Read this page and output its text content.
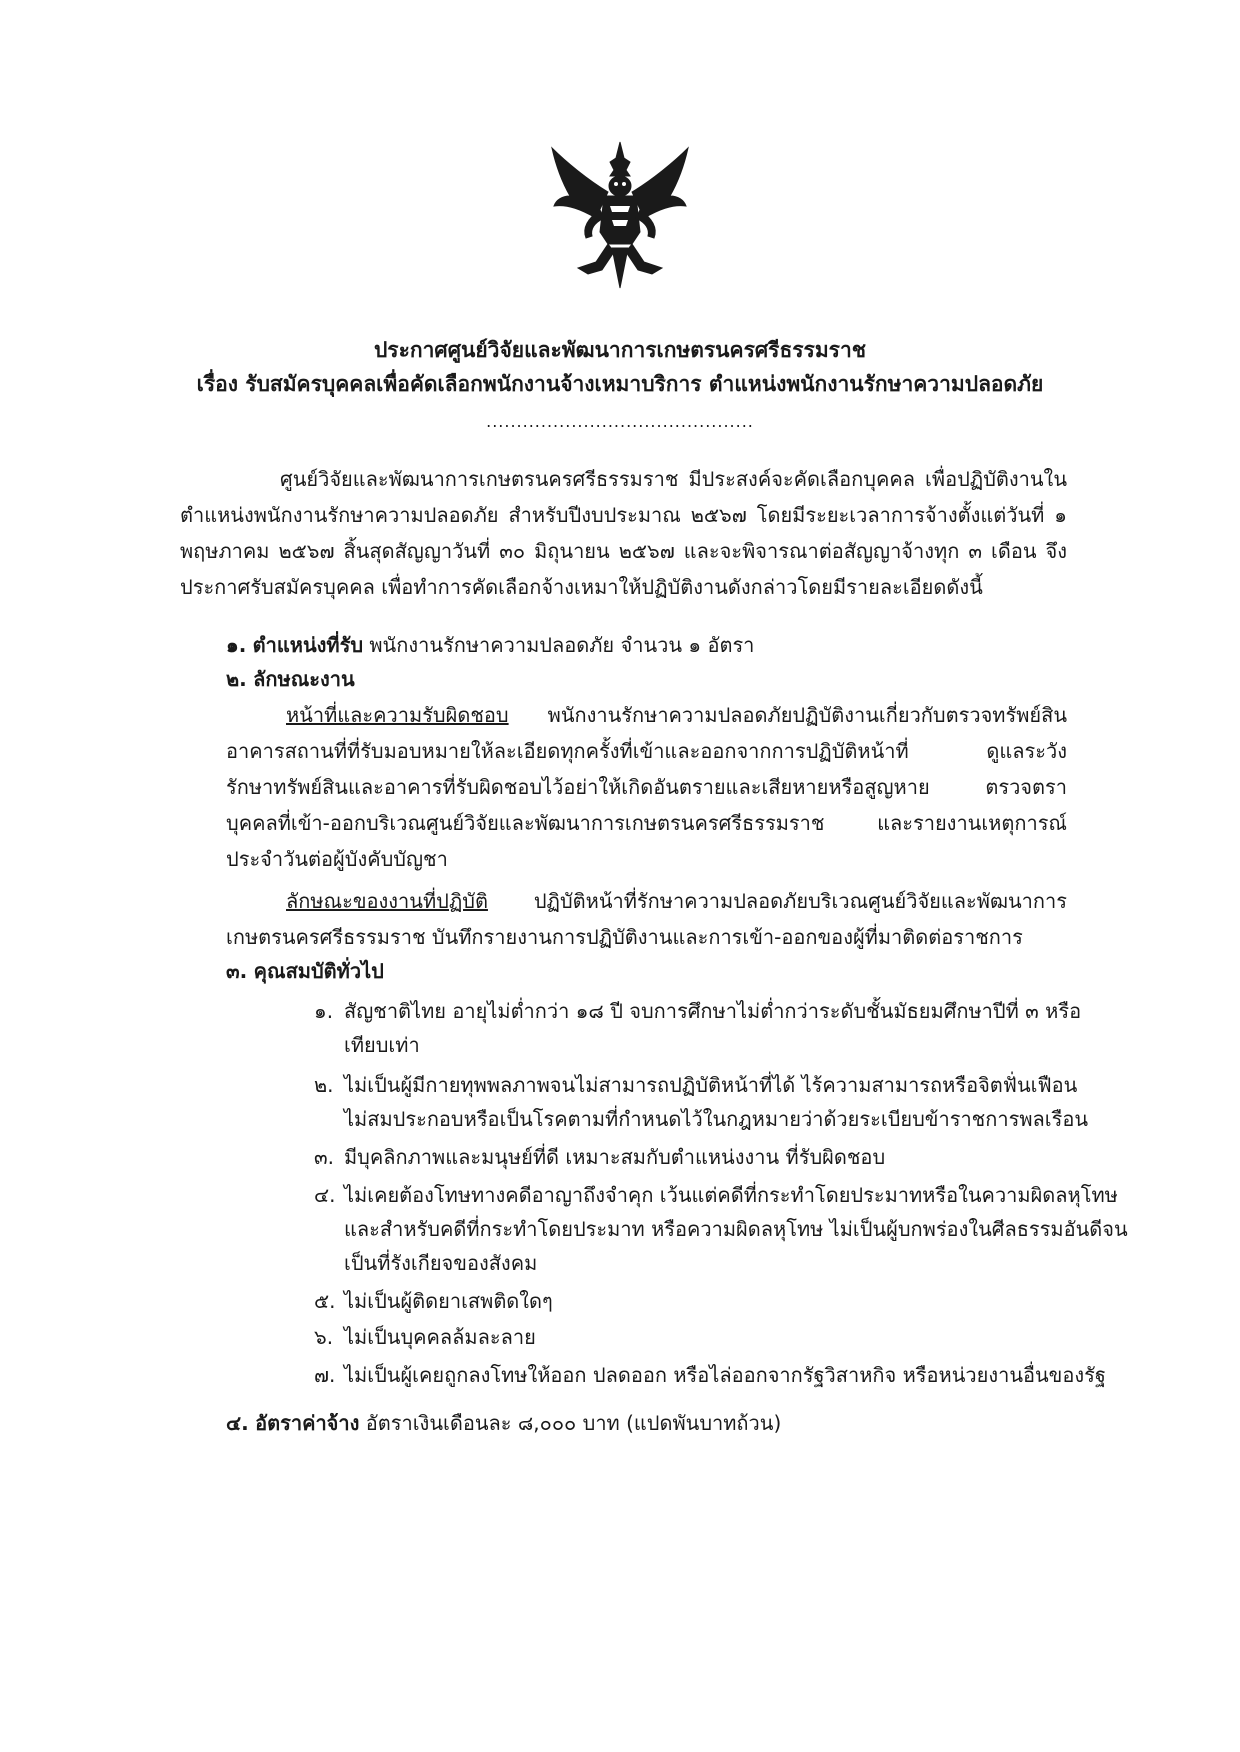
ประกาศศูนย์วิจัยและพัฒนาการเกษตรนครศรีธรรมราช
เรื่อง รับสมัครบุคคลเพื่อคัดเลือกพนักงานจ้างเหมาบริการ ตำแหน่งพนักงานรักษาความปลอดภัย
............................................
ศูนย์วิจัยและพัฒนาการเกษตรนครศรีธรรมราช มีประสงค์จะคัดเลือกบุคคล เพื่อปฏิบัติงานใน
ตำแหน่งพนักงานรักษาความปลอดภัย สำหรับปีงบประมาณ ๒๕๖๗ โดยมีระยะเวลาการจ้างตั้งแต่วันที่ ๑
พฤษภาคม ๒๕๖๗ สิ้นสุดสัญญาวันที่ ๓๐ มิถุนายน ๒๕๖๗ และจะพิจารณาต่อสัญญาจ้างทุก ๓ เดือน จึง
ประกาศรับสมัครบุคคล เพื่อทำการคัดเลือกจ้างเหมาให้ปฏิบัติงานดังกล่าวโดยมีรายละเอียดดังนี้
๑. ตำแหน่งที่รับ พนักงานรักษาความปลอดภัย จำนวน ๑ อัตรา
๒. ลักษณะงาน
หน้าที่และความรับผิดชอบ พนักงานรักษาความปลอดภัยปฏิบัติงานเกี่ยวกับตรวจทรัพย์สิน
อาคารสถานที่ที่รับมอบหมายให้ละเอียดทุกครั้งที่เข้าและออกจากการปฏิบัติหน้าที่ ดูแลระวัง
รักษาทรัพย์สินและอาคารที่รับผิดชอบไว้อย่าให้เกิดอันตรายและเสียหายหรือสูญหาย ตรวจตรา
บุคคลที่เข้า-ออกบริเวณศูนย์วิจัยและพัฒนาการเกษตรนครศรีธรรมราช และรายงานเหตุการณ์
ประจำวันต่อผู้บังคับบัญชา
ลักษณะของงานที่ปฏิบัติ ปฏิบัติหน้าที่รักษาความปลอดภัยบริเวณศูนย์วิจัยและพัฒนาการ
เกษตรนครศรีธรรมราช บันทึกรายงานการปฏิบัติงานและการเข้า-ออกของผู้ที่มาติดต่อราชการ
๓. คุณสมบัติทั่วไป
๑. สัญชาติไทย อายุไม่ต่ำกว่า ๑๘ ปี จบการศึกษาไม่ต่ำกว่าระดับชั้นมัธยมศึกษาปีที่ ๓ หรือ
เทียบเท่า
๒. ไม่เป็นผู้มีกายทุพพลภาพจนไม่สามารถปฏิบัติหน้าที่ได้ ไร้ความสามารถหรือจิตฟั่นเฟือน
ไม่สมประกอบหรือเป็นโรคตามที่กำหนดไว้ในกฎหมายว่าด้วยระเบียบข้าราชการพลเรือน
๓. มีบุคลิกภาพและมนุษย์ที่ดี เหมาะสมกับตำแหน่งงาน ที่รับผิดชอบ
๔. ไม่เคยต้องโทษทางคดีอาญาถึงจำคุก เว้นแต่คดีที่กระทำโดยประมาทหรือในความผิดลหุโทษ
และสำหรับคดีที่กระทำโดยประมาท หรือความผิดลหุโทษ ไม่เป็นผู้บกพร่องในศีลธรรมอันดีจน
เป็นที่รังเกียจของสังคม
๕. ไม่เป็นผู้ติดยาเสพติดใดๆ
๖. ไม่เป็นบุคคลล้มละลาย
๗. ไม่เป็นผู้เคยถูกลงโทษให้ออก ปลดออก หรือไล่ออกจากรัฐวิสาหกิจ หรือหน่วยงานอื่นของรัฐ
๔. อัตราค่าจ้าง อัตราเงินเดือนละ ๘,๐๐๐ บาท (แปดพันบาทถ้วน)
